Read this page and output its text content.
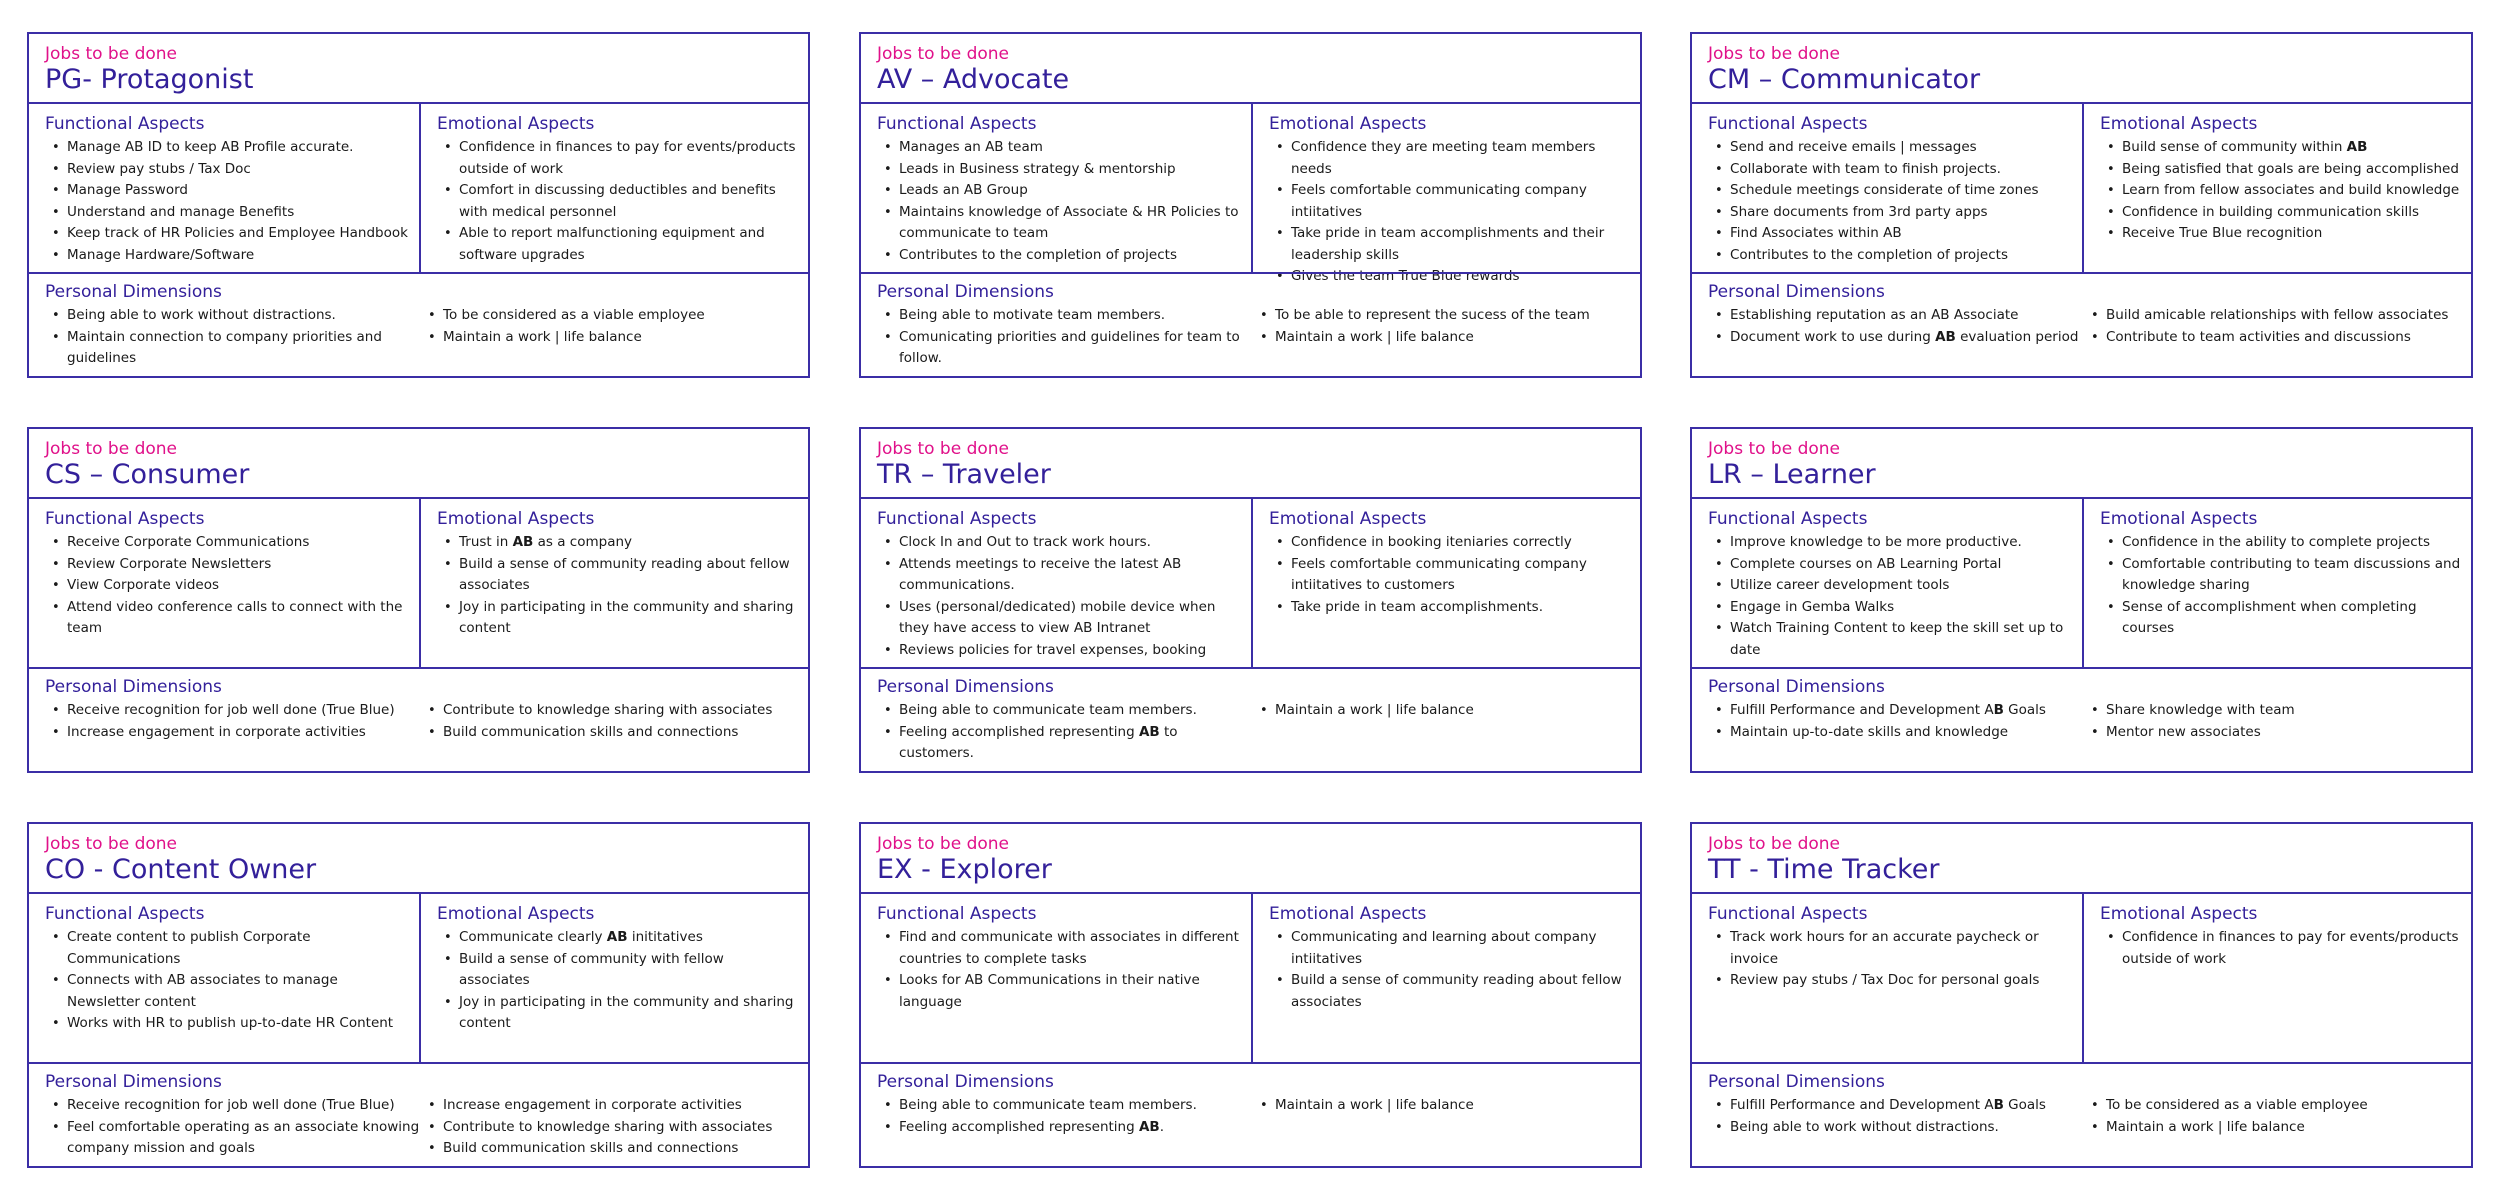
Jobs to be done
PG- Protagonist
Functional Aspects
• Manage AB ID to keep AB Profile accurate.
• Review pay stubs / Tax Doc
• Manage Password
• Understand and manage Benefits
• Keep track of HR Policies and Employee Handbook
• Manage Hardware/Software
Emotional Aspects
• Confidence in finances to pay for events/products outside of work
• Comfort in discussing deductibles and benefits with medical personnel
• Able to report malfunctioning equipment and software upgrades
Personal Dimensions
• Being able to work without distractions.
• Maintain connection to company priorities and guidelines
• To be considered as a viable employee
• Maintain a work | life balance
Jobs to be done
AV – Advocate
Functional Aspects
• Manages an AB team
• Leads in Business strategy & mentorship
• Leads an AB Group
• Maintains knowledge of Associate & HR Policies to communicate to team
• Contributes to the completion of projects
Emotional Aspects
• Confidence they are meeting team members needs
• Feels comfortable communicating company intiitatives
• Take pride in team accomplishments and their leadership skills
• Gives the team True Blue rewards
Personal Dimensions
• Being able to motivate team members.
• Comunicating priorities and guidelines for team to follow.
• To be able to represent the sucess of the team
• Maintain a work | life balance
Jobs to be done
CM – Communicator
Functional Aspects
• Send and receive emails | messages
• Collaborate with team to finish projects.
• Schedule meetings considerate of time zones
• Share documents from 3rd party apps
• Find Associates within AB
• Contributes to the completion of projects
Emotional Aspects
• Build sense of community within AB
• Being satisfied that goals are being accomplished
• Learn from fellow associates and build knowledge
• Confidence in building communication skills
• Receive True Blue recognition
Personal Dimensions
• Establishing reputation as an AB Associate
• Document work to use during AB evaluation period
• Build amicable relationships with fellow associates
• Contribute to team activities and discussions
Jobs to be done
CS – Consumer
Functional Aspects
• Receive Corporate Communications
• Review Corporate Newsletters
• View Corporate videos
• Attend video conference calls to connect with the team
Emotional Aspects
• Trust in AB as a company
• Build a sense of community reading about fellow associates
• Joy in participating in the community and sharing content
Personal Dimensions
• Receive recognition for job well done (True Blue)
• Increase engagement in corporate activities
• Contribute to knowledge sharing with associates
• Build communication skills and connections
Jobs to be done
TR – Traveler
Functional Aspects
• Clock In and Out to track work hours.
• Attends meetings to receive the latest AB communications.
• Uses (personal/dedicated) mobile device when they have access to view AB Intranet
• Reviews policies for travel expenses, booking
Emotional Aspects
• Confidence in booking iteniaries correctly
• Feels comfortable communicating company intiitatives to customers
• Take pride in team accomplishments.
Personal Dimensions
• Being able to communicate team members.
• Feeling accomplished representing AB to customers.
• Maintain a work | life balance
Jobs to be done
LR – Learner
Functional Aspects
• Improve knowledge to be more productive.
• Complete courses on AB Learning Portal
• Utilize career development tools
• Engage in Gemba Walks
• Watch Training Content to keep the skill set up to date
Emotional Aspects
• Confidence in the ability to complete projects
• Comfortable contributing to team discussions and knowledge sharing
• Sense of accomplishment when completing courses
Personal Dimensions
• Fulfill Performance and Development AB Goals
• Maintain up-to-date skills and knowledge
• Share knowledge with team
• Mentor new associates
Jobs to be done
CO - Content Owner
Functional Aspects
• Create content to publish Corporate Communications
• Connects with AB associates to manage Newsletter content
• Works with HR to publish up-to-date HR Content
Emotional Aspects
• Communicate clearly AB inititatives
• Build a sense of community with fellow associates
• Joy in participating in the community and sharing content
Personal Dimensions
• Receive recognition for job well done (True Blue)
• Feel comfortable operating as an associate knowing company mission and goals
• Increase engagement in corporate activities
• Contribute to knowledge sharing with associates
• Build communication skills and connections
Jobs to be done
EX - Explorer
Functional Aspects
• Find and communicate with associates in different countries to complete tasks
• Looks for AB Communications in their native language
Emotional Aspects
• Communicating and learning about company intiitatives
• Build a sense of community reading about fellow associates
Personal Dimensions
• Being able to communicate team members.
• Feeling accomplished representing AB.
• Maintain a work | life balance
Jobs to be done
TT - Time Tracker
Functional Aspects
• Track work hours for an accurate paycheck or invoice
• Review pay stubs / Tax Doc for personal goals
Emotional Aspects
• Confidence in finances to pay for events/products outside of work
Personal Dimensions
• Fulfill Performance and Development AB Goals
• Being able to work without distractions.
• To be considered as a viable employee
• Maintain a work | life balance
